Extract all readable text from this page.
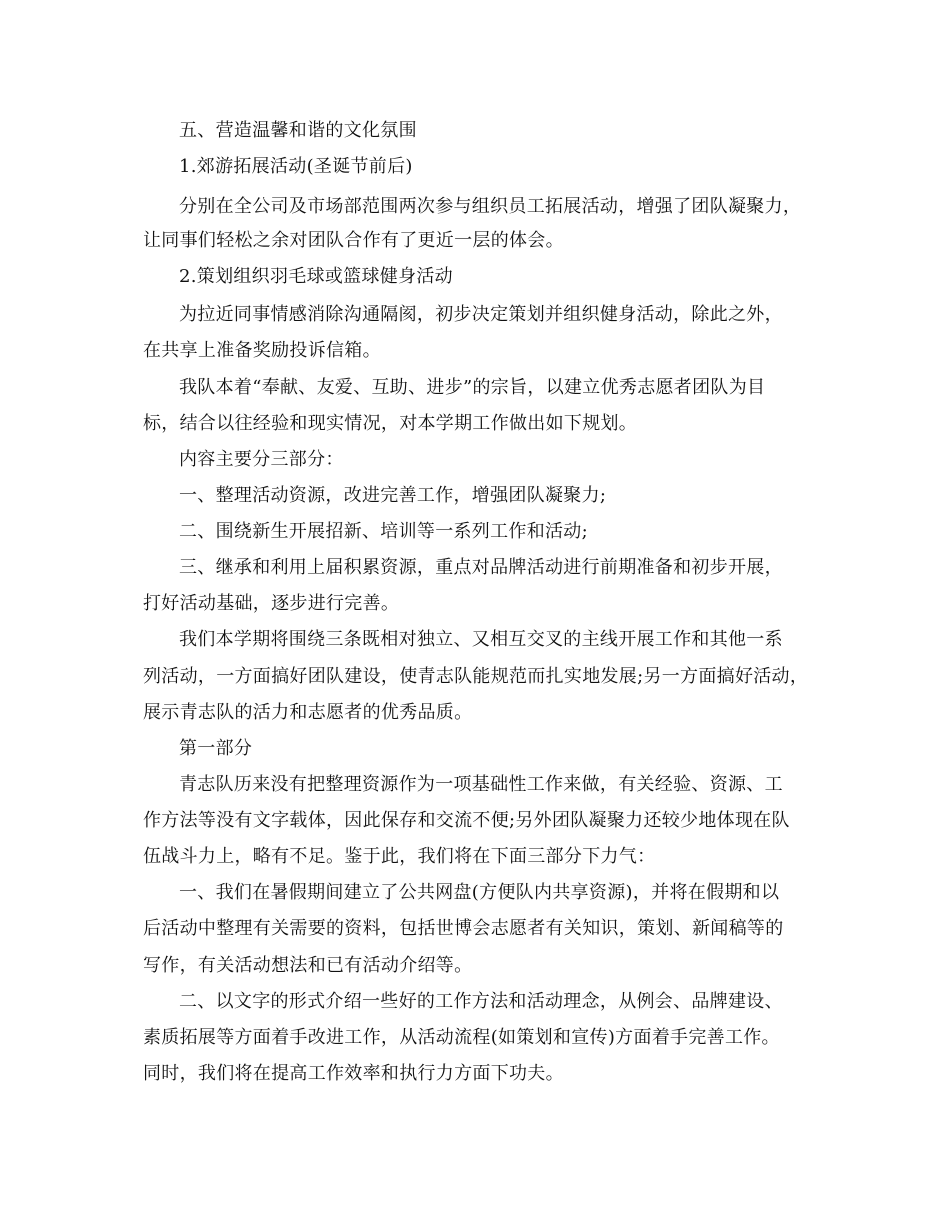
五、营造温馨和谐的文化氛围
1.郊游拓展活动(圣诞节前后)
分别在全公司及市场部范围两次参与组织员工拓展活动，增强了团队凝聚力，
让同事们轻松之余对团队合作有了更近一层的体会。
2.策划组织羽毛球或篮球健身活动
为拉近同事情感消除沟通隔阂，初步决定策划并组织健身活动，除此之外，
在共享上准备奖励投诉信箱。
我队本着“奉献、友爱、互助、进步”的宗旨，以建立优秀志愿者团队为目
标，结合以往经验和现实情况，对本学期工作做出如下规划。
内容主要分三部分：
一、整理活动资源，改进完善工作，增强团队凝聚力;
二、围绕新生开展招新、培训等一系列工作和活动;
三、继承和利用上届积累资源，重点对品牌活动进行前期准备和初步开展，
打好活动基础，逐步进行完善。
我们本学期将围绕三条既相对独立、又相互交叉的主线开展工作和其他一系
列活动，一方面搞好团队建设，使青志队能规范而扎实地发展;另一方面搞好活动，
展示青志队的活力和志愿者的优秀品质。
第一部分
青志队历来没有把整理资源作为一项基础性工作来做，有关经验、资源、工
作方法等没有文字载体，因此保存和交流不便;另外团队凝聚力还较少地体现在队
伍战斗力上，略有不足。鉴于此，我们将在下面三部分下力气：
一、我们在暑假期间建立了公共网盘(方便队内共享资源)，并将在假期和以
后活动中整理有关需要的资料，包括世博会志愿者有关知识，策划、新闻稿等的
写作，有关活动想法和已有活动介绍等。
二、以文字的形式介绍一些好的工作方法和活动理念，从例会、品牌建设、
素质拓展等方面着手改进工作，从活动流程(如策划和宣传)方面着手完善工作。
同时，我们将在提高工作效率和执行力方面下功夫。
